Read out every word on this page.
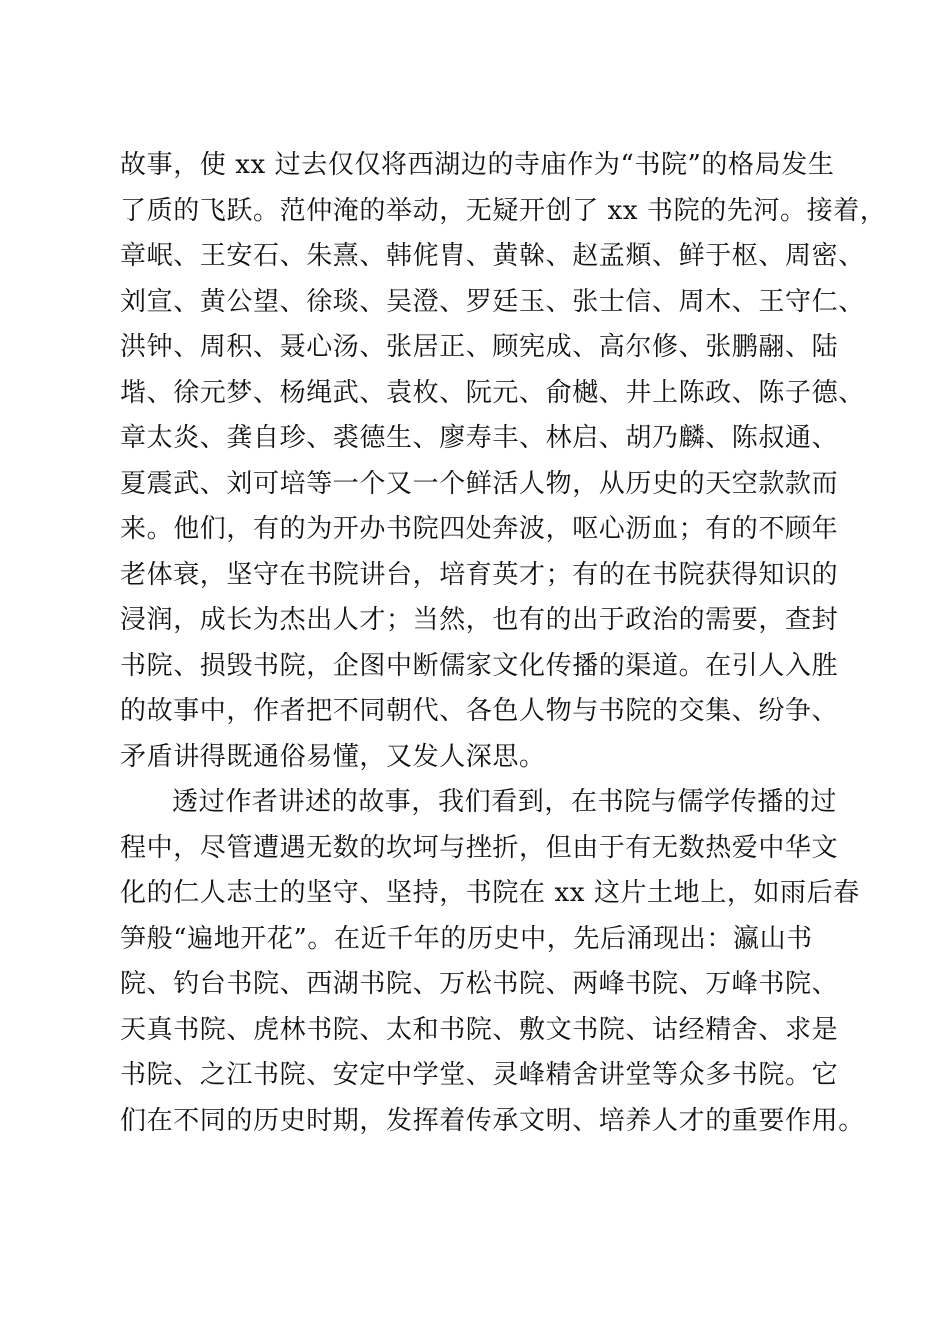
故事，使 xx 过去仅仅将西湖边的寺庙作为“书院”的格局发生
了质的飞跃。范仲淹的举动，无疑开创了 xx 书院的先河。接着，
章岷、王安石、朱熹、韩侂胄、黄榦、赵孟頫、鲜于枢、周密、
刘宣、黄公望、徐琰、吴澄、罗廷玉、张士信、周木、王守仁、
洪钟、周积、聂心汤、张居正、顾宪成、高尔修、张鹏翮、陆
堦、徐元梦、杨绳武、袁枚、阮元、俞樾、井上陈政、陈子德、
章太炎、龚自珍、裘德生、廖寿丰、林启、胡乃麟、陈叔通、
夏震武、刘可培等一个又一个鲜活人物，从历史的天空款款而
来。他们，有的为开办书院四处奔波，呕心沥血；有的不顾年
老体衰，坚守在书院讲台，培育英才；有的在书院获得知识的
浸润，成长为杰出人才；当然，也有的出于政治的需要，查封
书院、损毁书院，企图中断儒家文化传播的渠道。在引人入胜
的故事中，作者把不同朝代、各色人物与书院的交集、纷争、
矛盾讲得既通俗易懂，又发人深思。
透过作者讲述的故事，我们看到，在书院与儒学传播的过
程中，尽管遭遇无数的坎坷与挫折，但由于有无数热爱中华文
化的仁人志士的坚守、坚持，书院在 xx 这片土地上，如雨后春
笋般“遍地开花”。在近千年的历史中，先后涌现出：瀛山书
院、钓台书院、西湖书院、万松书院、两峰书院、万峰书院、
天真书院、虎林书院、太和书院、敷文书院、诂经精舍、求是
书院、之江书院、安定中学堂、灵峰精舍讲堂等众多书院。它
们在不同的历史时期，发挥着传承文明、培养人才的重要作用。
